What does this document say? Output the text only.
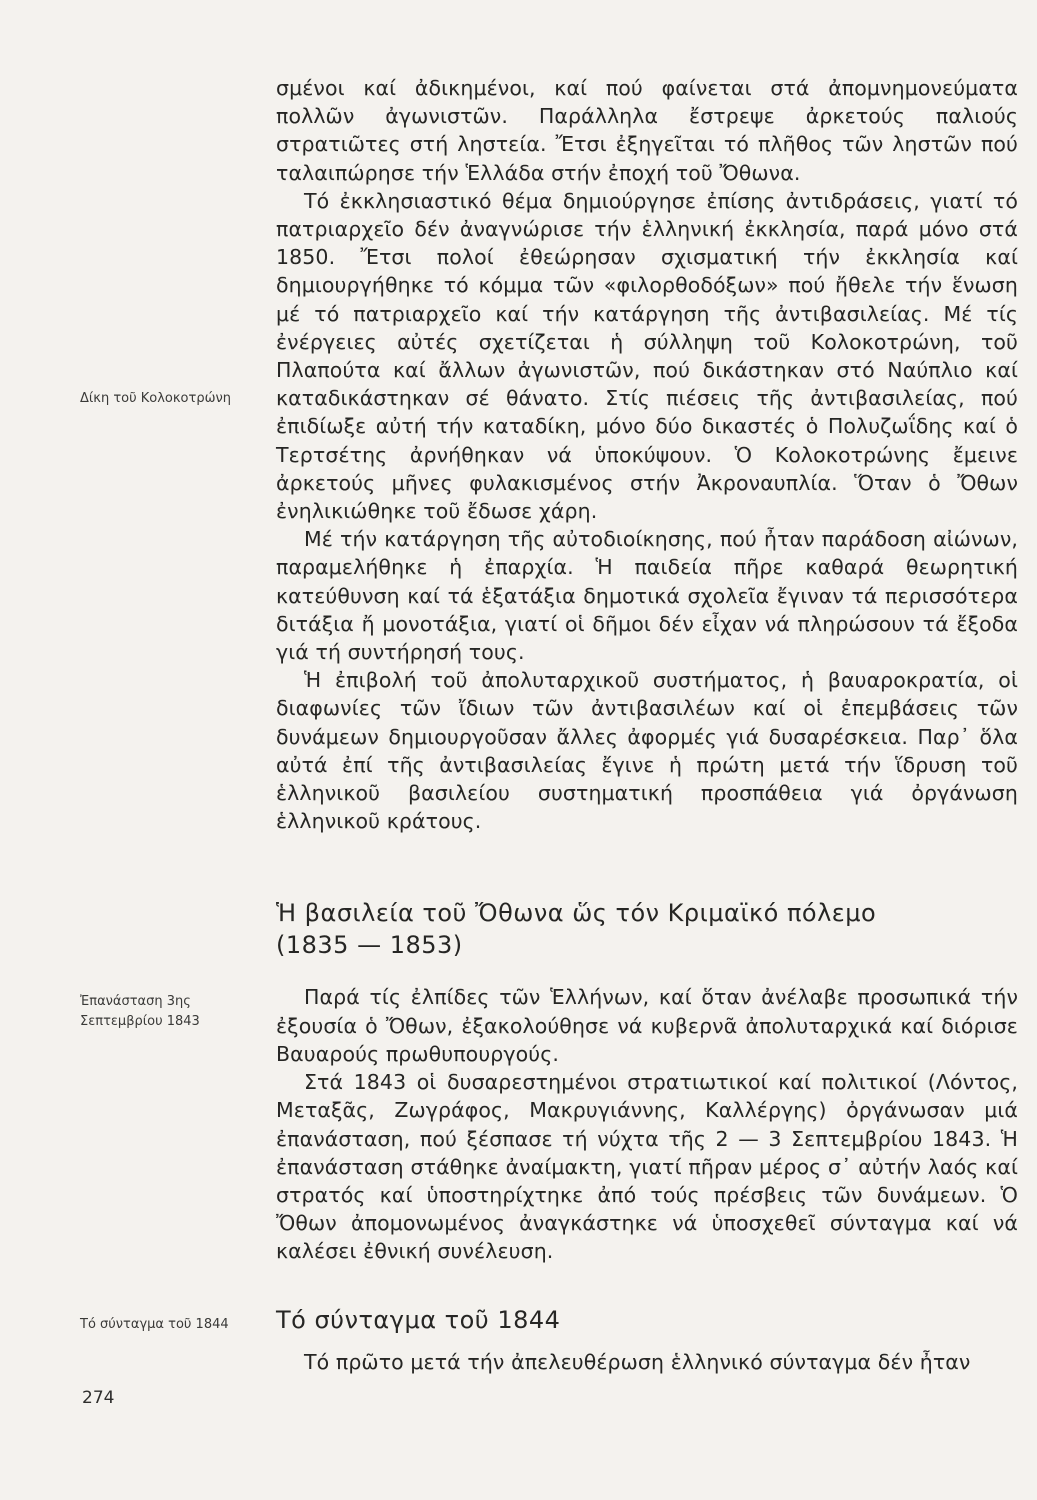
Δίκη τοῦ Κολοκοτρώνη
Ἐπανάσταση 3ης Σεπτεμβρίου 1843
Τό σύνταγμα τοῦ 1844

σμένοι καί ἀδικημένοι, καί πού φαίνεται στά ἀπομνημονεύματα πολλῶν ἀγωνιστῶν. Παράλληλα ἔστρεψε ἀρκετούς παλιούς στρατιῶτες στή ληστεία. Ἔτσι ἐξηγεῖται τό πλῆθος τῶν ληστῶν πού ταλαιπώρησε τήν Ἑλλάδα στήν ἐποχή τοῦ Ὄθωνα.

Τό ἐκκλησιαστικό θέμα δημιούργησε ἐπίσης ἀντιδράσεις, γιατί τό πατριαρχεῖο δέν ἀναγνώρισε τήν ἑλληνική ἐκκλησία, παρά μόνο στά 1850. Ἔτσι πολοί ἐθεώρησαν σχισματική τήν ἐκκλησία καί δημιουργήθηκε τό κόμμα τῶν «φιλορθοδόξων» πού ἤθελε τήν ἕνωση μέ τό πατριαρχεῖο καί τήν κατάργηση τῆς ἀντιβασιλείας. Μέ τίς ἐνέργειες αὐτές σχετίζεται ἡ σύλληψη τοῦ Κολοκοτρώνη, τοῦ Πλαπούτα καί ἄλλων ἀγωνιστῶν, πού δικάστηκαν στό Ναύπλιο καί καταδικάστηκαν σέ θάνατο. Στίς πιέσεις τῆς ἀντιβασιλείας, πού ἐπιδίωξε αὐτή τήν καταδίκη, μόνο δύο δικαστές ὁ Πολυζωΐδης καί ὁ Τερτσέτης ἀρνήθηκαν νά ὑποκύψουν. Ὁ Κολοκοτρώνης ἔμεινε ἀρκετούς μῆνες φυλακισμένος στήν Ἀκροναυπλία. Ὅταν ὁ Ὄθων ἐνηλικιώθηκε τοῦ ἔδωσε χάρη.

Μέ τήν κατάργηση τῆς αὐτοδιοίκησης, πού ἦταν παράδοση αἰώνων, παραμελήθηκε ἡ ἐπαρχία. Ἡ παιδεία πῆρε καθαρά θεωρητική κατεύθυνση καί τά ἑξατάξια δημοτικά σχολεῖα ἔγιναν τά περισσότερα διτάξια ἤ μονοτάξια, γιατί οἱ δῆμοι δέν εἶχαν νά πληρώσουν τά ἔξοδα γιά τή συντήρησή τους.

Ἡ ἐπιβολή τοῦ ἀπολυταρχικοῦ συστήματος, ἡ βαυαροκρατία, οἱ διαφωνίες τῶν ἴδιων τῶν ἀντιβασιλέων καί οἱ ἐπεμβάσεις τῶν δυνάμεων δημιουργοῦσαν ἄλλες ἀφορμές γιά δυσαρέσκεια. Παρ᾿ ὅλα αὐτά ἐπί τῆς ἀντιβασιλείας ἔγινε ἡ πρώτη μετά τήν ἵδρυση τοῦ ἑλληνικοῦ βασιλείου συστηματική προσπάθεια γιά ὀργάνωση ἑλληνικοῦ κράτους.

Ἡ βασιλεία τοῦ Ὄθωνα ὥς τόν Κριμαϊκό πόλεμο
(1835 — 1853)

Παρά τίς ἐλπίδες τῶν Ἑλλήνων, καί ὅταν ἀνέλαβε προσωπικά τήν ἐξουσία ὁ Ὄθων, ἐξακολούθησε νά κυβερνᾶ ἀπολυταρχικά καί διόρισε Βαυαρούς πρωθυπουργούς.

Στά 1843 οἱ δυσαρεστημένοι στρατιωτικοί καί πολιτικοί (Λόντος, Μεταξᾶς, Ζωγράφος, Μακρυγιάννης, Καλλέργης) ὀργάνωσαν μιά ἐπανάσταση, πού ξέσπασε τή νύχτα τῆς 2 — 3 Σεπτεμβρίου 1843. Ἡ ἐπανάσταση στάθηκε ἀναίμακτη, γιατί πῆραν μέρος σ᾿ αὐτήν λαός καί στρατός καί ὑποστηρίχτηκε ἀπό τούς πρέσβεις τῶν δυνάμεων. Ὁ Ὄθων ἀπομονωμένος ἀναγκάστηκε νά ὑποσχεθεῖ σύνταγμα καί νά καλέσει ἐθνική συνέλευση.

Τό σύνταγμα τοῦ 1844

Τό πρῶτο μετά τήν ἀπελευθέρωση ἑλληνικό σύνταγμα δέν ἦταν

274
